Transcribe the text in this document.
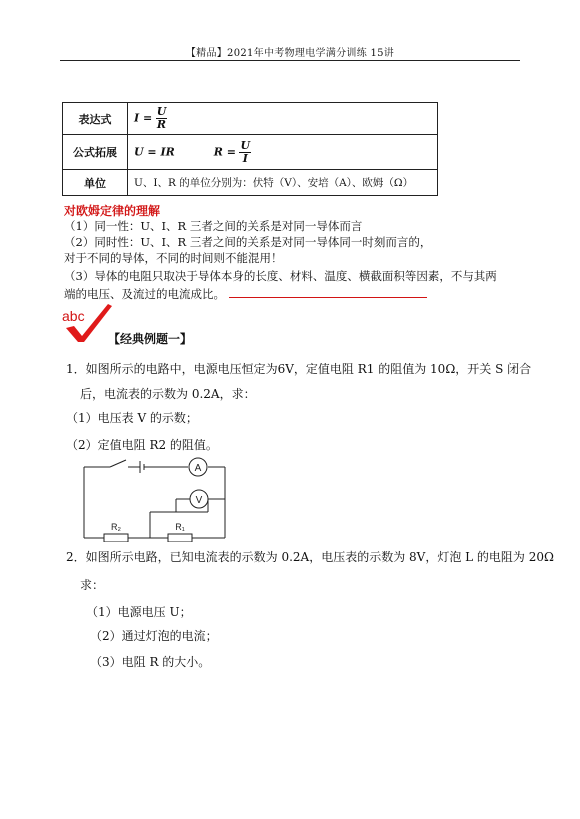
【精品】2021年中考物理电学满分训练 15讲
表达式	$I = \frac{U}{R}$

公式拓展	U = IR $R = \frac{U}{I}$

单位	U、I、R 的单位分别为：伏特（V）、安培（A）、欧姆（Ω）
对欧姆定律的理解
（1）同一性：U、I、R 三者之间的关系是对同一导体而言
（2）同时性：U、I、R 三者之间的关系是对同一导体同一时刻而言的，
对于不同的导体，不同的时间则不能混用！
（3）导体的电阻只取决于导体本身的长度、材料、温度、横截面积等因素，不与其两
端的电压、及流过的电流成比。
abc
【经典例题一】
1．如图所示的电路中，电源电压恒定为6V，定值电阻 R1 的阻值为 10Ω，开关 S 闭合
后，电流表的示数为 0.2A，求：
（1）电压表 V 的示数；
（2）定值电阻 R2 的阻值。
A
V
R₂	R₁
2．如图所示电路，已知电流表的示数为 0.2A，电压表的示数为 8V，灯泡 L 的电阻为 20Ω
求：
（1）电源电压 U；
（2）通过灯泡的电流；
（3）电阻 R 的大小。
